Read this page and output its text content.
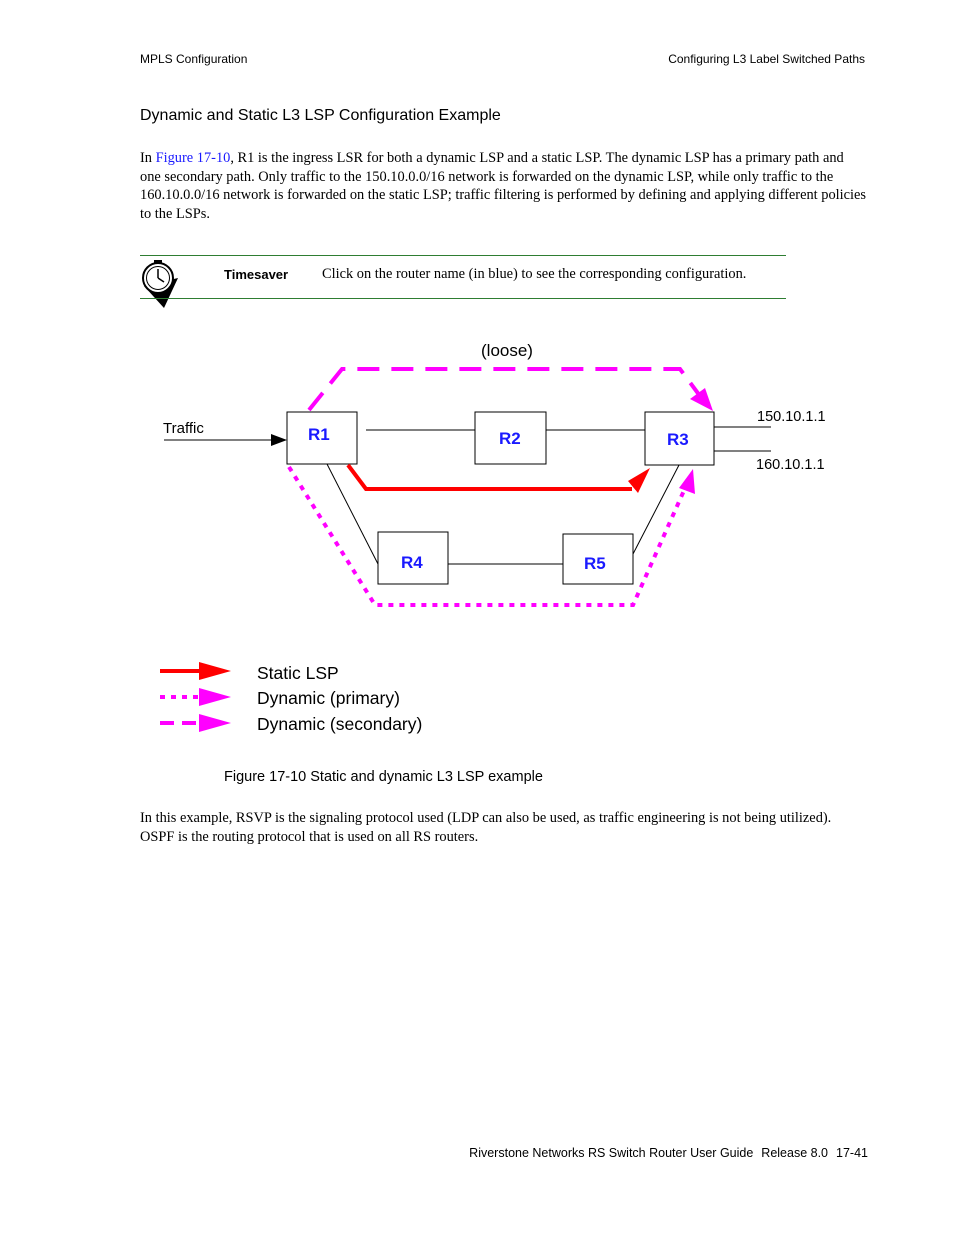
MPLS Configuration	Configuring L3 Label Switched Paths
Dynamic and Static L3 LSP Configuration Example

In Figure 17-10, R1 is the ingress LSR for both a dynamic LSP and a static LSP. The dynamic LSP has a primary path and one secondary path. Only traffic to the 150.10.0.0/16 network is forwarded on the dynamic LSP, while only traffic to the 160.10.0.0/16 network is forwarded on the static LSP; traffic filtering is performed by defining and applying different policies to the LSPs.

Timesaver Click on the router name (in blue) to see the corresponding configuration.
R1	R2	R3
R4	R5
Traffic
(loose)
150.10.1.1
160.10.1.1
Static LSP
Dynamic (primary)
Dynamic (secondary)
Figure 17-10 Static and dynamic L3 LSP example

In this example, RSVP is the signaling protocol used (LDP can also be used, as traffic engineering is not being utilized). OSPF is the routing protocol that is used on all RS routers.

Riverstone Networks RS Switch Router User Guide Release 8.0 17-41
